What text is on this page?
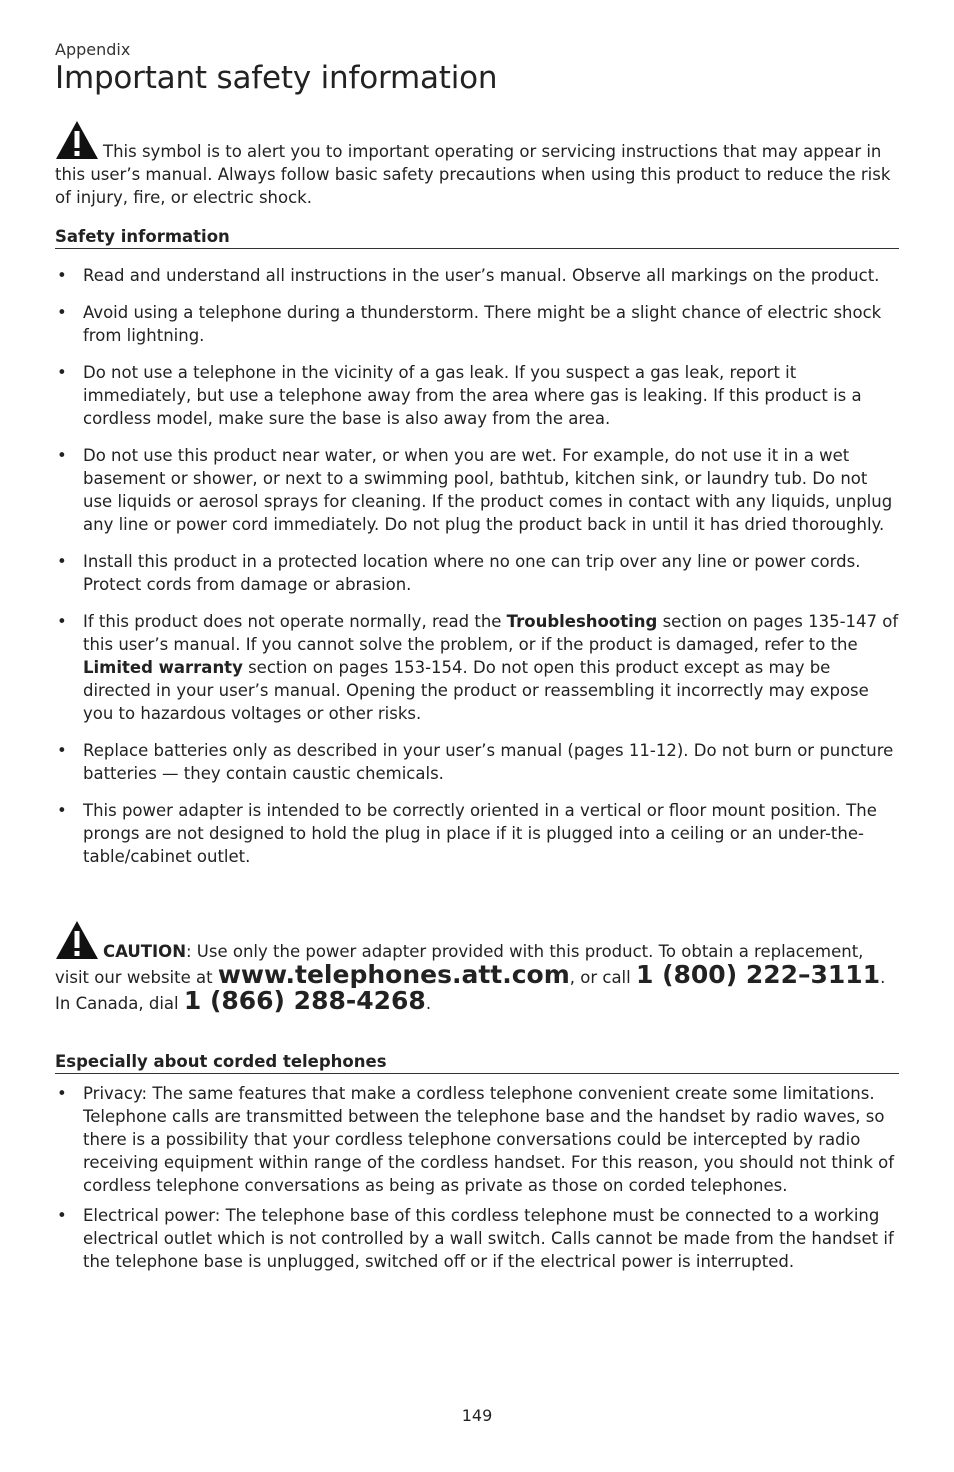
Appendix
Important safety information
This symbol is to alert you to important operating or servicing instructions that may appear in this user’s manual. Always follow basic safety precautions when using this product to reduce the risk of injury, fire, or electric shock.
Safety information
• Read and understand all instructions in the user’s manual. Observe all markings on the product.
• Avoid using a telephone during a thunderstorm. There might be a slight chance of electric shock from lightning.
• Do not use a telephone in the vicinity of a gas leak. If you suspect a gas leak, report it immediately, but use a telephone away from the area where gas is leaking. If this product is a cordless model, make sure the base is also away from the area.
• Do not use this product near water, or when you are wet. For example, do not use it in a wet basement or shower, or next to a swimming pool, bathtub, kitchen sink, or laundry tub. Do not use liquids or aerosol sprays for cleaning. If the product comes in contact with any liquids, unplug any line or power cord immediately. Do not plug the product back in until it has dried thoroughly.
• Install this product in a protected location where no one can trip over any line or power cords. Protect cords from damage or abrasion.
• If this product does not operate normally, read the Troubleshooting section on pages 135-147 of this user’s manual. If you cannot solve the problem, or if the product is damaged, refer to the Limited warranty section on pages 153-154. Do not open this product except as may be directed in your user’s manual. Opening the product or reassembling it incorrectly may expose you to hazardous voltages or other risks.
• Replace batteries only as described in your user’s manual (pages 11-12). Do not burn or puncture batteries — they contain caustic chemicals.
• This power adapter is intended to be correctly oriented in a vertical or floor mount position. The prongs are not designed to hold the plug in place if it is plugged into a ceiling or an under-the-table/cabinet outlet.
CAUTION: Use only the power adapter provided with this product. To obtain a replacement, visit our website at www.telephones.att.com, or call 1 (800) 222–3111. In Canada, dial 1 (866) 288-4268.
Especially about corded telephones
• Privacy: The same features that make a cordless telephone convenient create some limitations. Telephone calls are transmitted between the telephone base and the handset by radio waves, so there is a possibility that your cordless telephone conversations could be intercepted by radio receiving equipment within range of the cordless handset. For this reason, you should not think of cordless telephone conversations as being as private as those on corded telephones.
• Electrical power: The telephone base of this cordless telephone must be connected to a working electrical outlet which is not controlled by a wall switch. Calls cannot be made from the handset if the telephone base is unplugged, switched off or if the electrical power is interrupted.
149
